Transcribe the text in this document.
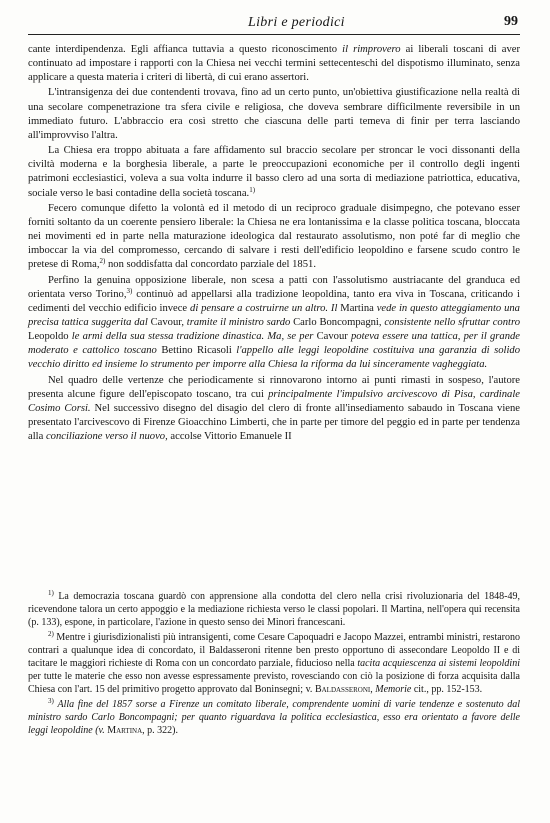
Libri e periodici	99

cante interdipendenza. Egli affianca tuttavia a questo riconoscimento il rimprovero ai liberali toscani di aver continuato ad impostare i rapporti con la Chiesa nei vecchi termini settecenteschi del dispotismo illuminato, senza applicare a questa materia i criteri di libertà, di cui erano assertori.

L'intransigenza dei due contendenti trovava, fino ad un certo punto, un'obiettiva giustificazione nella realtà di una secolare compenetrazione tra sfera civile e religiosa, che doveva sembrare difficilmente reversibile in un immediato futuro. L'abbraccio era così stretto che ciascuna delle parti temeva di finir per terra lasciando all'improvviso l'altra.

La Chiesa era troppo abituata a fare affidamento sul braccio secolare per stroncar le voci dissonanti della civiltà moderna e la borghesia liberale, a parte le preoccupazioni economiche per il controllo degli ingenti patrimoni ecclesiastici, voleva a sua volta indurre il basso clero ad una sorta di mediazione patriottica, educativa, sociale verso le basi contadine della società toscana.$^{1)}$

Fecero comunque difetto la volontà ed il metodo di un reciproco graduale disimpegno, che potevano esser forniti soltanto da un coerente pensiero liberale: la Chiesa ne era lontanissima e la classe politica toscana, bloccata nei movimenti ed in parte nella maturazione ideologica dal restaurato assolutismo, non poté far di meglio che imboccar la via del compromesso, cercando di salvare i resti dell'edificio leopoldino e farsene scudo contro le pretese di Roma,$^{2)}$ non soddisfatta dal concordato parziale del 1851.

Perfino la genuina opposizione liberale, non scesa a patti con l'assolutismo austriacante del granduca ed orientata verso Torino,$^{3)}$ continuò ad appellarsi alla tradizione leopoldina, tanto era viva in Toscana, criticando i cedimenti del vecchio edificio invece di pensare a costruirne un altro. Il Martina vede in questo atteggiamento una precisa tattica suggerita dal Cavour, tramite il ministro sardo Carlo Boncompagni, consistente nello sfruttar contro Leopoldo le armi della sua stessa tradizione dinastica. Ma, se per Cavour poteva essere una tattica, per il grande moderato e cattolico toscano Bettino Ricasoli l'appello alle leggi leopoldine costituiva una garanzia di solido vecchio diritto ed insieme lo strumento per imporre alla Chiesa la riforma da lui sinceramente vagheggiata.

Nel quadro delle vertenze che periodicamente si rinnovarono intorno ai punti rimasti in sospeso, l'autore presenta alcune figure dell'episcopato toscano, tra cui principalmente l'impulsivo arcivescovo di Pisa, cardinale Cosimo Corsi. Nel successivo disegno del disagio del clero di fronte all'insediamento sabaudo in Toscana viene presentato l'arcivescovo di Firenze Gioacchino Limberti, che in parte per timore del peggio ed in parte per tendenza alla conciliazione verso il nuovo, accolse Vittorio Emanuele II

$^{1)}$ La democrazia toscana guardò con apprensione alla condotta del clero nella crisi rivoluzionaria del 1848-49, ricevendone talora un certo appoggio e la mediazione richiesta verso le classi popolari. Il Martina, nell'opera qui recensita (p. 133), espone, in particolare, l'azione in questo senso dei Minori francescani.

$^{2)}$ Mentre i giurisdizionalisti più intransigenti, come Cesare Capoquadri e Jacopo Mazzei, entrambi ministri, restarono contrari a qualunque idea di concordato, il Baldasseroni ritenne ben presto opportuno di assecondare Leopoldo II e di tacitare le maggiori richieste di Roma con un concordato parziale, fiducioso nella tacita acquiescenza ai sistemi leopoldini per tutte le materie che esso non avesse espressamente previsto, rovesciando con ciò la posizione di forza acquisita dalla Chiesa con l'art. 15 del primitivo progetto approvato dal Boninsegni; v. Baldasseroni, Memorie cit., pp. 152-153.

$^{3)}$ Alla fine del 1857 sorse a Firenze un comitato liberale, comprendente uomini di varie tendenze e sostenuto dal ministro sardo Carlo Boncompagni; per quanto riguardava la politica ecclesiastica, esso era orientato a favore delle leggi leopoldine (v. Martina, p. 322).
